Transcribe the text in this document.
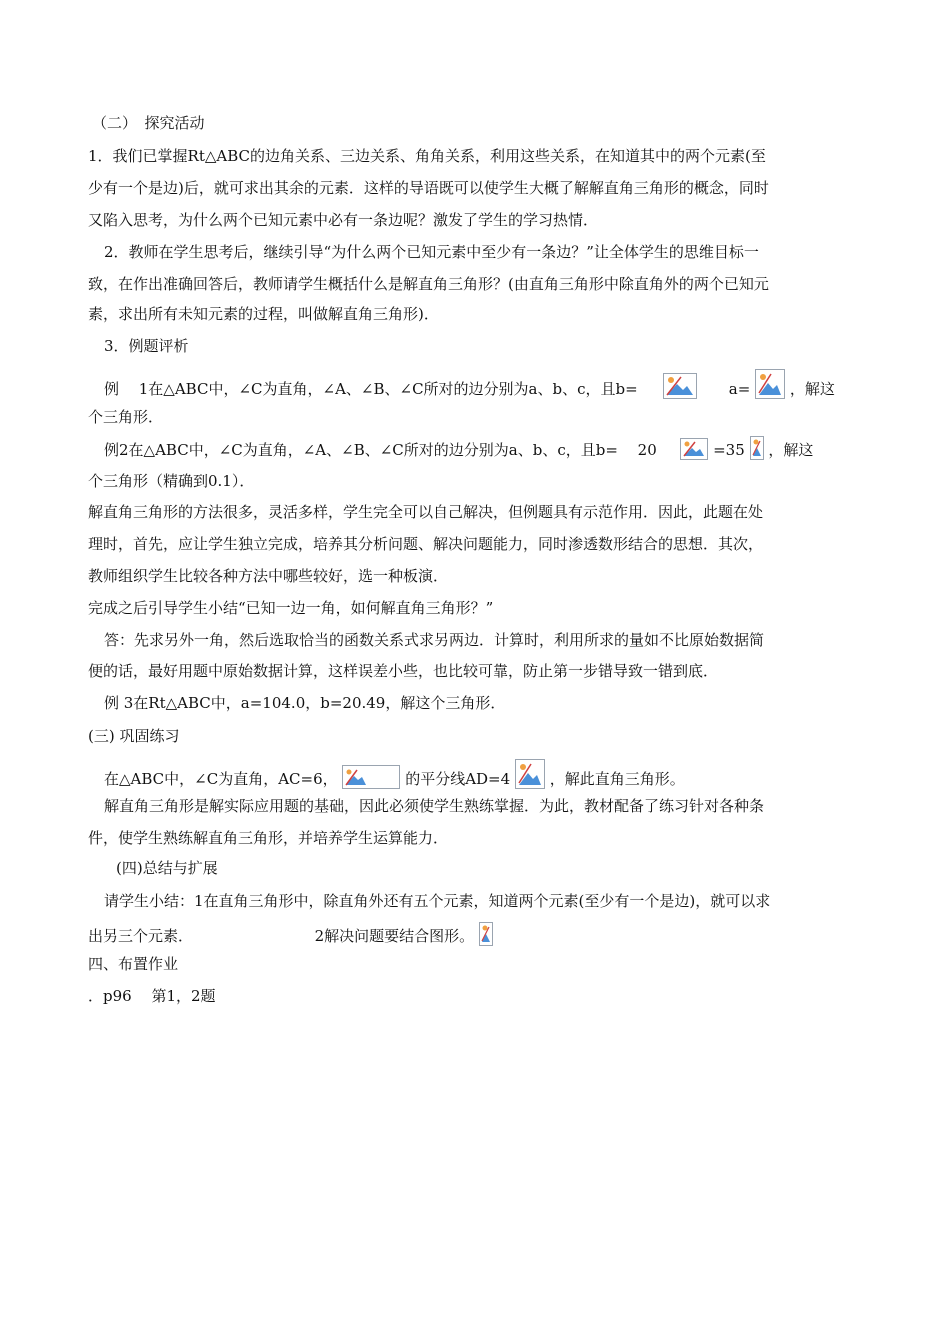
（二）　探究活动
1．我们已掌握Rt△ABC的边角关系、三边关系、角角关系，利用这些关系，在知道其中的两个元素(至
少有一个是边)后，就可求出其余的元素．这样的导语既可以使学生大概了解解直角三角形的概念，同时
又陷入思考，为什么两个已知元素中必有一条边呢？激发了学生的学习热情．
2．教师在学生思考后，继续引导“为什么两个已知元素中至少有一条边？”让全体学生的思维目标一
致，在作出准确回答后，教师请学生概括什么是解直角三角形？(由直角三角形中除直角外的两个已知元
素，求出所有未知元素的过程，叫做解直角三角形)．
3．例题评析
例　 1在△ABC中，∠C为直角，∠A、∠B、∠C所对的边分别为a、b、c，且b=	a=	，解这
个三角形．
例2在△ABC中，∠C为直角，∠A、∠B、∠C所对的边分别为a、b、c，且b=　 20	=35 ，解这
个三角形（精确到0.1）．
解直角三角形的方法很多，灵活多样，学生完全可以自己解决，但例题具有示范作用．因此，此题在处
理时，首先，应让学生独立完成，培养其分析问题、解决问题能力，同时渗透数形结合的思想．其次，
教师组织学生比较各种方法中哪些较好，选一种板演．
完成之后引导学生小结“已知一边一角，如何解直角三角形？”
答：先求另外一角，然后选取恰当的函数关系式求另两边．计算时，利用所求的量如不比原始数据简
便的话，最好用题中原始数据计算，这样误差小些，也比较可靠，防止第一步错导致一错到底．
例 3在Rt△ABC中，a=104.0，b=20.49，解这个三角形．
(三) 巩固练习
在△ABC中，∠C为直角，AC=6，	的平分线AD=4	，解此直角三角形。
解直角三角形是解实际应用题的基础，因此必须使学生熟练掌握．为此，教材配备了练习针对各种条
件，使学生熟练解直角三角形，并培养学生运算能力．
(四)总结与扩展
请学生小结：1在直角三角形中，除直角外还有五个元素，知道两个元素(至少有一个是边)，就可以求
出另三个元素．	2解决问题要结合图形。
四、布置作业
．p96　 第1，2题
